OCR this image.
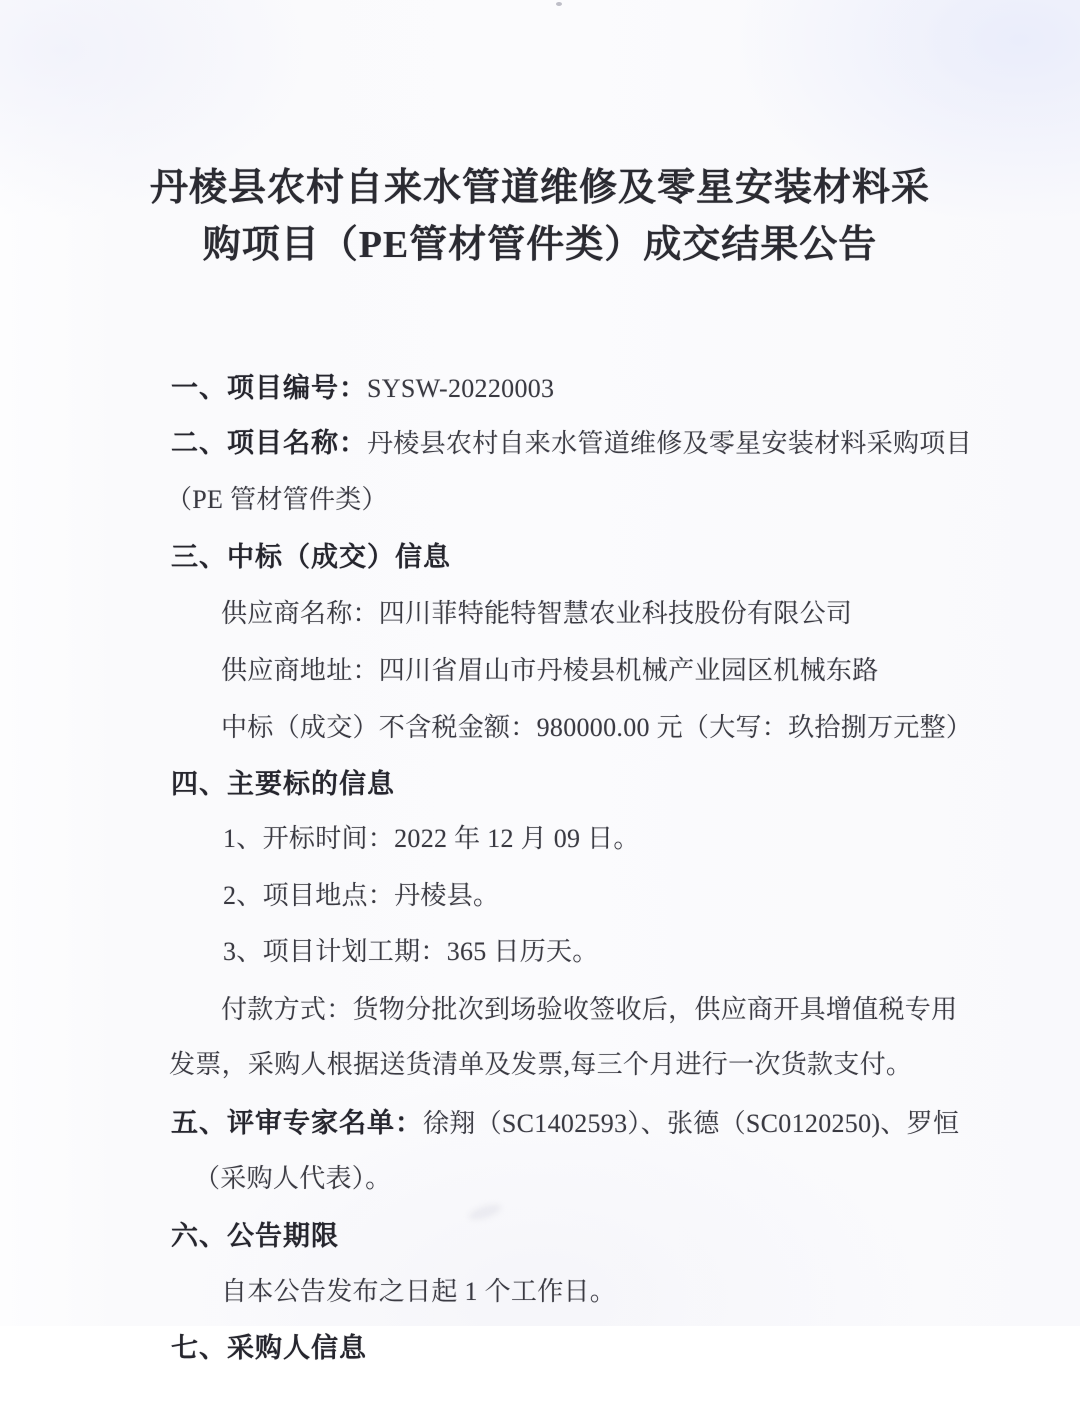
丹棱县农村自来水管道维修及零星安装材料采
购项目（PE管材管件类）成交结果公告

一、项目编号：SYSW-20220003

二、项目名称：丹棱县农村自来水管道维修及零星安装材料采购项目

（PE 管材管件类）

三、中标（成交）信息

供应商名称：四川菲特能特智慧农业科技股份有限公司

供应商地址：四川省眉山市丹棱县机械产业园区机械东路

中标（成交）不含税金额：980000.00 元（大写：玖拾捌万元整）

四、主要标的信息

1、开标时间：2022 年 12 月 09 日。

2、项目地点：丹棱县。

3、项目计划工期：365 日历天。

付款方式：货物分批次到场验收签收后，供应商开具增值税专用

发票，采购人根据送货清单及发票,每三个月进行一次货款支付。

五、评审专家名单：徐翔（SC1402593）、张德（SC0120250)、罗恒

（采购人代表）。

六、公告期限

自本公告发布之日起 1 个工作日。

七、采购人信息
